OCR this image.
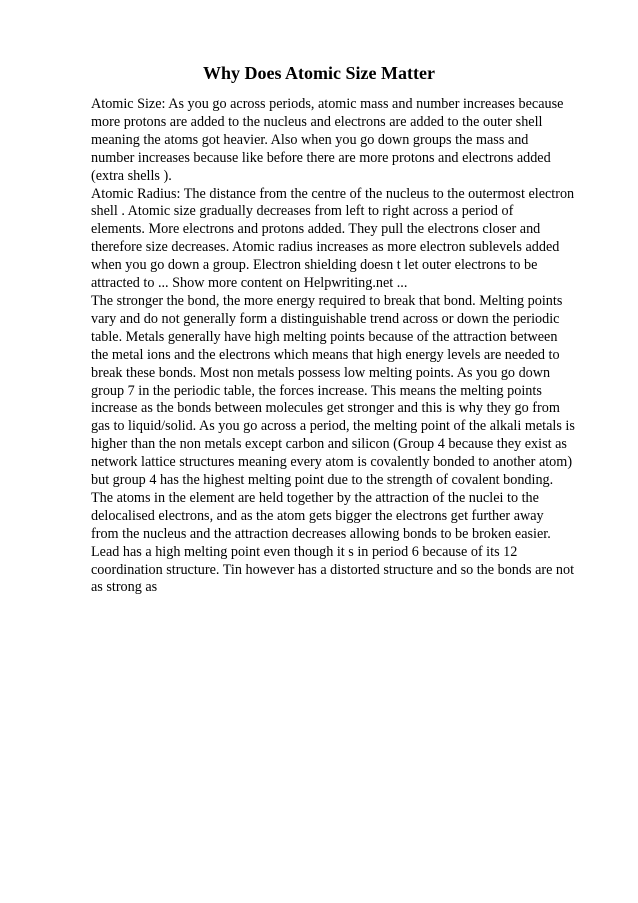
Why Does Atomic Size Matter
Atomic Size: As you go across periods, atomic mass and number increases because
more protons are added to the nucleus and electrons are added to the outer shell
meaning the atoms got heavier. Also when you go down groups the mass and
number increases because like before there are more protons and electrons added
(extra shells ).
Atomic Radius: The distance from the centre of the nucleus to the outermost electron
shell . Atomic size gradually decreases from left to right across a period of
elements. More electrons and protons added. They pull the electrons closer and
therefore size decreases. Atomic radius increases as more electron sublevels added
when you go down a group. Electron shielding doesn t let outer electrons to be
attracted to ... Show more content on Helpwriting.net ...
The stronger the bond, the more energy required to break that bond. Melting points
vary and do not generally form a distinguishable trend across or down the periodic
table. Metals generally have high melting points because of the attraction between
the metal ions and the electrons which means that high energy levels are needed to
break these bonds. Most non metals possess low melting points. As you go down
group 7 in the periodic table, the forces increase. This means the melting points
increase as the bonds between molecules get stronger and this is why they go from
gas to liquid/solid. As you go across a period, the melting point of the alkali metals is
higher than the non metals except carbon and silicon (Group 4 because they exist as
network lattice structures meaning every atom is covalently bonded to another atom)
but group 4 has the highest melting point due to the strength of covalent bonding.
The atoms in the element are held together by the attraction of the nuclei to the
delocalised electrons, and as the atom gets bigger the electrons get further away
from the nucleus and the attraction decreases allowing bonds to be broken easier.
Lead has a high melting point even though it s in period 6 because of its 12
coordination structure. Tin however has a distorted structure and so the bonds are not
as strong as
